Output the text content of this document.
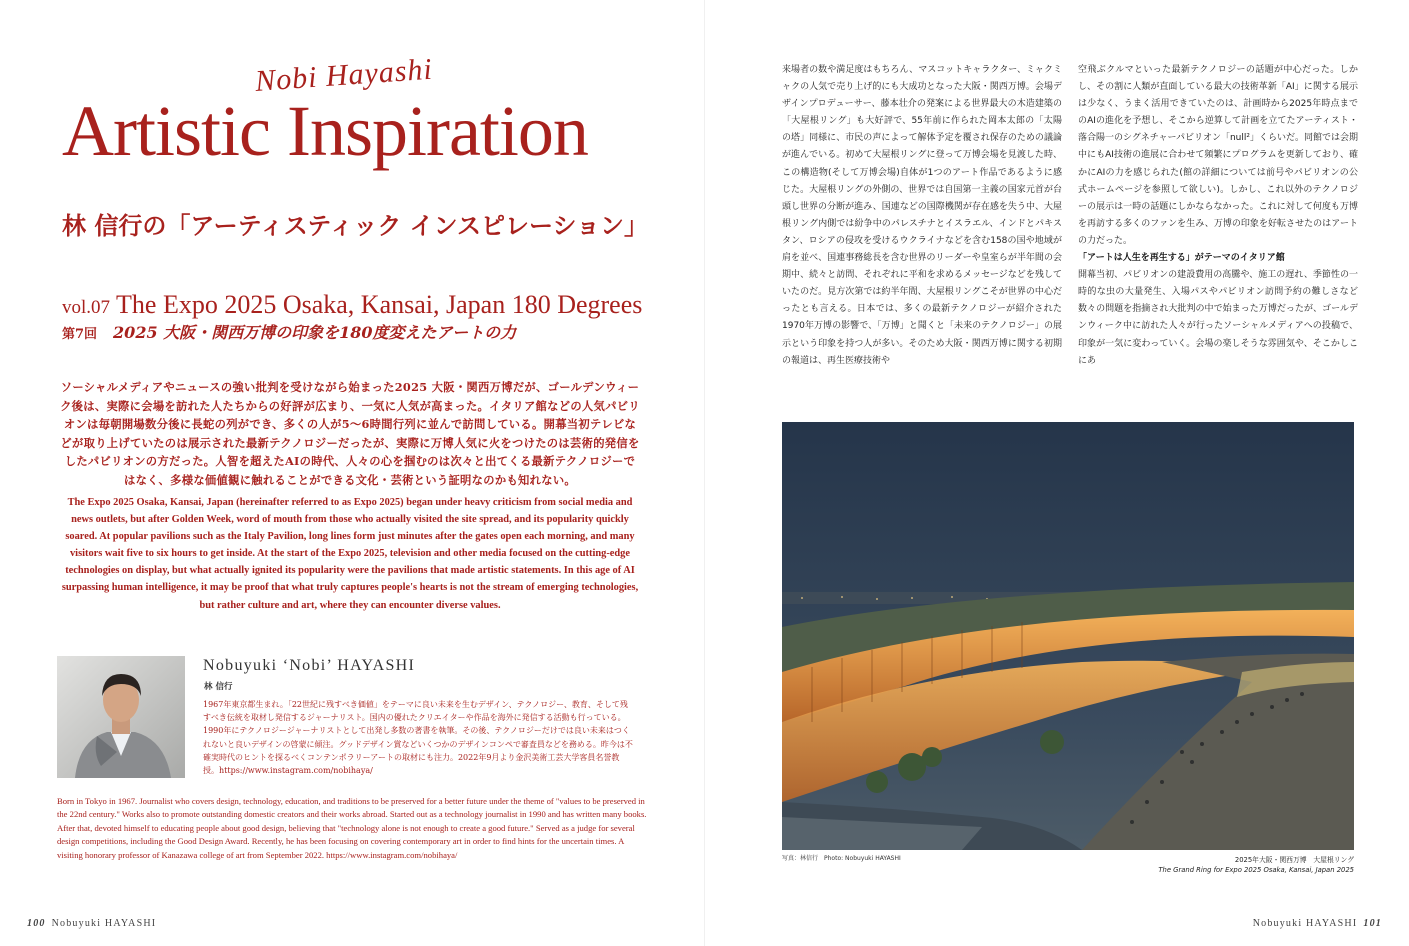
Nobi Hayashi
Artistic Inspiration
林 信行の「アーティスティック インスピレーション」
vol.07 The Expo 2025 Osaka, Kansai, Japan 180 Degrees
第7回 2025 大阪・関西万博の印象を180度変えたアートの力

ソーシャルメディアやニュースの強い批判を受けながら始まった2025 大阪・関西万博だが、ゴールデンウィーク後は、実際に会場を訪れた人たちからの好評が広まり、一気に人気が高まった。イタリア館などの人気パビリオンは毎朝開場数分後に長蛇の列ができ、多くの人が5～6時間行列に並んで訪問している。開幕当初テレビなどが取り上げていたのは展示された最新テクノロジーだったが、実際に万博人気に火をつけたのは芸術的発信をしたパビリオンの方だった。人智を超えたAIの時代、人々の心を掴むのは次々と出てくる最新テクノロジーではなく、多様な価値観に触れることができる文化・芸術という証明なのかも知れない。

The Expo 2025 Osaka, Kansai, Japan (hereinafter referred to as Expo 2025) began under heavy criticism from social media and news outlets, but after Golden Week, word of mouth from those who actually visited the site spread, and its popularity quickly soared. At popular pavilions such as the Italy Pavilion, long lines form just minutes after the gates open each morning, and many visitors wait five to six hours to get inside. At the start of the Expo 2025, television and other media focused on the cutting-edge technologies on display, but what actually ignited its popularity were the pavilions that made artistic statements. In this age of AI surpassing human intelligence, it may be proof that what truly captures people's hearts is not the stream of emerging technologies, but rather culture and art, where they can encounter diverse values.

Nobuyuki ‘Nobi’ HAYASHI
林 信行

1967年東京都生まれ。「22世紀に残すべき価値」をテーマに良い未来を生むデザイン、テクノロジー、教育、そして残すべき伝統を取材し発信するジャーナリスト。国内の優れたクリエイターや作品を海外に発信する活動も行っている。1990年にテクノロジージャーナリストとして出発し多数の著書を執筆。その後、テクノロジーだけでは良い未来はつくれないと良いデザインの啓蒙に傾注。グッドデザイン賞などいくつかのデザインコンペで審査員などを務める。昨今は不確実時代のヒントを探るべくコンテンポラリーアートの取材にも注力。2022年9月より金沢美術工芸大学客員名誉教授。https://www.instagram.com/nobihaya/

Born in Tokyo in 1967. Journalist who covers design, technology, education, and traditions to be preserved for a better future under the theme of "values to be preserved in the 22nd century." Works also to promote outstanding domestic creators and their works abroad. Started out as a technology journalist in 1990 and has written many books. After that, devoted himself to educating people about good design, believing that "technology alone is not enough to create a good future." Served as a judge for several design competitions, including the Good Design Award. Recently, he has been focusing on covering contemporary art in order to find hints for the uncertain times. A visiting honorary professor of Kanazawa college of art from September 2022. https://www.instagram.com/nobihaya/

100 Nobuyuki HAYASHI

来場者の数や満足度はもちろん、マスコットキャラクター、ミャクミャクの人気で売り上げ的にも大成功となった大阪・関西万博。会場デザインプロデューサー、藤本壮介の発案による世界最大の木造建築の「大屋根リング」も大好評で、55年前に作られた岡本太郎の「太陽の塔」同様に、市民の声によって解体予定を覆され保存のための議論が進んでいる。初めて大屋根リングに登って万博会場を見渡した時、この構造物(そして万博会場)自体が1つのアート作品であるように感じた。大屋根リングの外側の、世界では自国第一主義の国家元首が台頭し世界の分断が進み、国連などの国際機関が存在感を失う中、大屋根リング内側では紛争中のパレスチナとイスラエル、インドとパキスタン、ロシアの侵攻を受けるウクライナなどを含む158の国や地域が肩を並べ、国連事務総長を含む世界のリーダーや皇室らが半年間の会期中、続々と訪問、それぞれに平和を求めるメッセージなどを残していたのだ。見方次第では約半年間、大屋根リングこそが世界の中心だったとも言える。日本では、多くの最新テクノロジーが紹介された1970年万博の影響で、「万博」と聞くと「未来のテクノロジー」の展示という印象を持つ人が多い。そのため大阪・関西万博に関する初期の報道は、再生医療技術や

空飛ぶクルマといった最新テクノロジーの話題が中心だった。しかし、その割に人類が直面している最大の技術革新「AI」に関する展示は少なく、うまく活用できていたのは、計画時から2025年時点までのAIの進化を予想し、そこから逆算して計画を立てたアーティスト・落合陽一のシグネチャーパビリオン「null²」くらいだ。同館では会期中にもAI技術の進展に合わせて頻繁にプログラムを更新しており、確かにAIの力を感じられた(館の詳細については前号やパビリオンの公式ホームページを参照して欲しい)。しかし、これ以外のテクノロジーの展示は一時の話題にしかならなかった。これに対して何度も万博を再訪する多くのファンを生み、万博の印象を好転させたのはアートの力だった。

「アートは人生を再生する」がテーマのイタリア館

開幕当初、パビリオンの建設費用の高騰や、施工の遅れ、季節性の一時的な虫の大量発生、入場パスやパビリオン訪問予約の難しさなど数々の問題を指摘され大批判の中で始まった万博だったが、ゴールデンウィーク中に訪れた人々が行ったソーシャルメディアへの投稿で、印象が一気に変わっていく。会場の楽しそうな雰囲気や、そこかしこにあ

写真：林信行　Photo: Nobuyuki HAYASHI	2025年大阪・関西万博　大屋根リング
The Grand Ring for Expo 2025 Osaka, Kansai, Japan 2025
Nobuyuki HAYASHI 101
